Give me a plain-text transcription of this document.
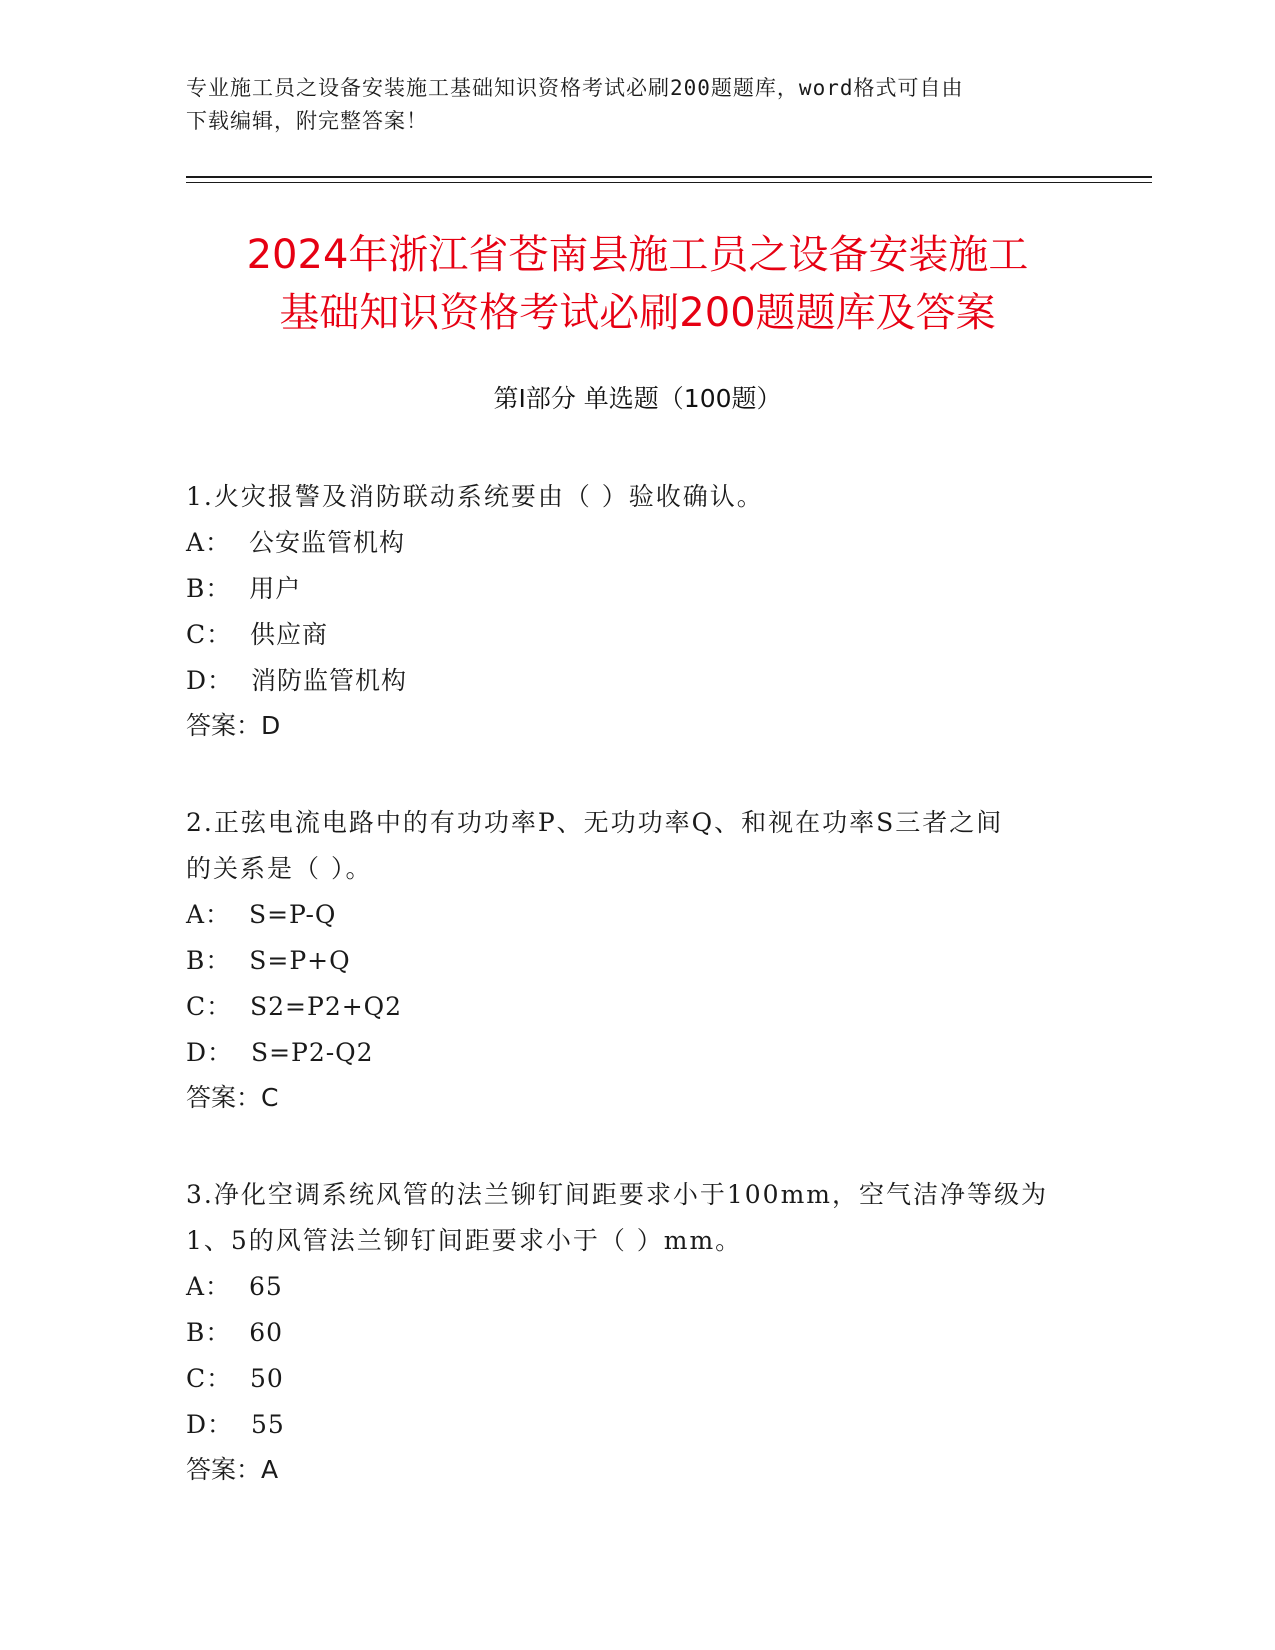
专业施工员之设备安装施工基础知识资格考试必刷200题题库，word格式可自由
下载编辑，附完整答案！
2024年浙江省苍南县施工员之设备安装施工
基础知识资格考试必刷200题题库及答案
第Ⅰ部分 单选题（100题）

1.火灾报警及消防联动系统要由（ ）验收确认。

A：  公安监管机构

B：  用户

C：  供应商

D：  消防监管机构

答案：D

2.正弦电流电路中的有功功率P、无功功率Q、和视在功率S三者之间

的关系是（ ）。

A：  S=P-Q

B：  S=P+Q

C：  S2=P2+Q2

D：  S=P2-Q2

答案：C

3.净化空调系统风管的法兰铆钉间距要求小于100mm，空气洁净等级为

1、5的风管法兰铆钉间距要求小于（ ）mm。

A：  65

B：  60

C：  50

D：  55

答案：A
